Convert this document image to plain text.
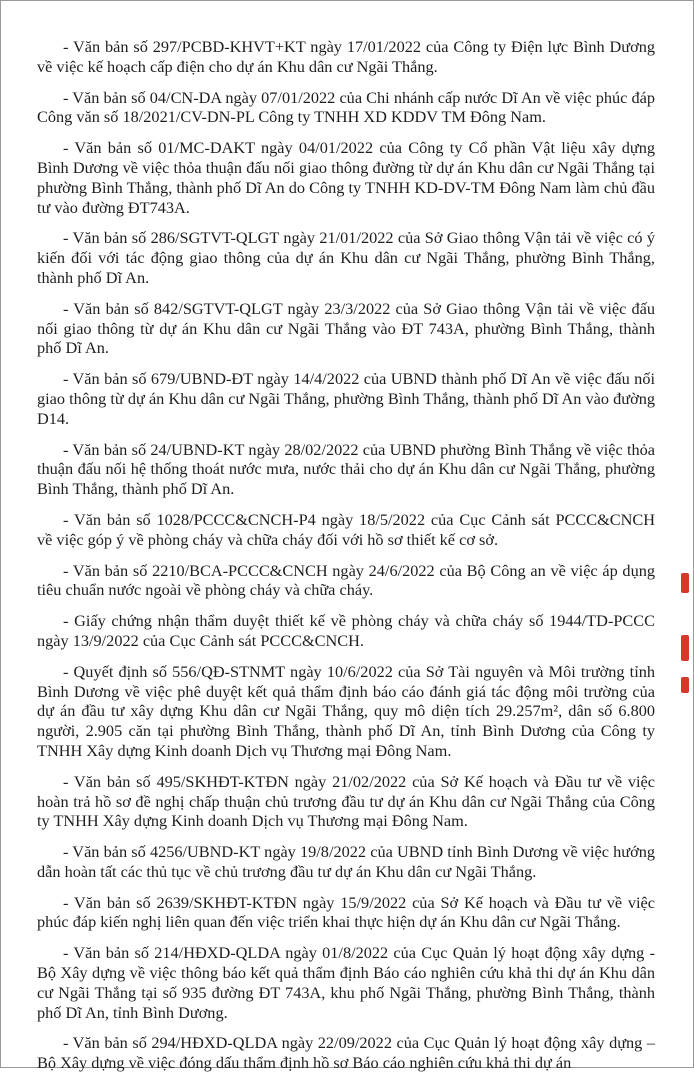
- Văn bản số 297/PCBD-KHVT+KT ngày 17/01/2022 của Công ty Điện lực Bình Dương về việc kế hoạch cấp điện cho dự án Khu dân cư Ngãi Thắng.

- Văn bản số 04/CN-DA ngày 07/01/2022 của Chi nhánh cấp nước Dĩ An về việc phúc đáp Công văn số 18/2021/CV-DN-PL Công ty TNHH XD KDDV TM Đông Nam.

- Văn bản số 01/MC-DAKT ngày 04/01/2022 của Công ty Cổ phần Vật liệu xây dựng Bình Dương về việc thỏa thuận đấu nối giao thông đường từ dự án Khu dân cư Ngãi Thắng tại phường Bình Thắng, thành phố Dĩ An do Công ty TNHH KD-DV-TM Đông Nam làm chủ đầu tư vào đường ĐT743A.

- Văn bản số 286/SGTVT-QLGT ngày 21/01/2022 của Sở Giao thông Vận tải về việc có ý kiến đối với tác động giao thông của dự án Khu dân cư Ngãi Thắng, phường Bình Thắng, thành phố Dĩ An.

- Văn bản số 842/SGTVT-QLGT ngày 23/3/2022 của Sở Giao thông Vận tải về việc đấu nối giao thông từ dự án Khu dân cư Ngãi Thắng vào ĐT 743A, phường Bình Thắng, thành phố Dĩ An.

- Văn bản số 679/UBND-ĐT ngày 14/4/2022 của UBND thành phố Dĩ An về việc đấu nối giao thông từ dự án Khu dân cư Ngãi Thắng, phường Bình Thắng, thành phố Dĩ An vào đường D14.

- Văn bản số 24/UBND-KT ngày 28/02/2022 của UBND phường Bình Thắng về việc thỏa thuận đấu nối hệ thống thoát nước mưa, nước thải cho dự án Khu dân cư Ngãi Thắng, phường Bình Thắng, thành phố Dĩ An.

- Văn bản số 1028/PCCC&CNCH-P4 ngày 18/5/2022 của Cục Cảnh sát PCCC&CNCH về việc góp ý về phòng cháy và chữa cháy đối với hồ sơ thiết kế cơ sở.

- Văn bản số 2210/BCA-PCCC&CNCH ngày 24/6/2022 của Bộ Công an về việc áp dụng tiêu chuẩn nước ngoài về phòng cháy và chữa cháy.

- Giấy chứng nhận thẩm duyệt thiết kế về phòng cháy và chữa cháy số 1944/TD-PCCC ngày 13/9/2022 của Cục Cảnh sát PCCC&CNCH.

- Quyết định số 556/QĐ-STNMT ngày 10/6/2022 của Sở Tài nguyên và Môi trường tỉnh Bình Dương về việc phê duyệt kết quả thẩm định báo cáo đánh giá tác động môi trường của dự án đầu tư xây dựng Khu dân cư Ngãi Thắng, quy mô diện tích 29.257m², dân số 6.800 người, 2.905 căn tại phường Bình Thắng, thành phố Dĩ An, tỉnh Bình Dương của Công ty TNHH Xây dựng Kinh doanh Dịch vụ Thương mại Đông Nam.

- Văn bản số 495/SKHĐT-KTĐN ngày 21/02/2022 của Sở Kế hoạch và Đầu tư về việc hoàn trả hồ sơ đề nghị chấp thuận chủ trương đầu tư dự án Khu dân cư Ngãi Thắng của Công ty TNHH Xây dựng Kinh doanh Dịch vụ Thương mại Đông Nam.

- Văn bản số 4256/UBND-KT ngày 19/8/2022 của UBND tỉnh Bình Dương về việc hướng dẫn hoàn tất các thủ tục về chủ trương đầu tư dự án Khu dân cư Ngãi Thắng.

- Văn bản số 2639/SKHĐT-KTĐN ngày 15/9/2022 của Sở Kế hoạch và Đầu tư về việc phúc đáp kiến nghị liên quan đến việc triển khai thực hiện dự án Khu dân cư Ngãi Thắng.

- Văn bản số 214/HĐXD-QLDA ngày 01/8/2022 của Cục Quản lý hoạt động xây dựng - Bộ Xây dựng về việc thông báo kết quả thẩm định Báo cáo nghiên cứu khả thi dự án Khu dân cư Ngãi Thắng tại số 935 đường ĐT 743A, khu phố Ngãi Thắng, phường Bình Thắng, thành phố Dĩ An, tỉnh Bình Dương.

- Văn bản số 294/HĐXD-QLDA ngày 22/09/2022 của Cục Quản lý hoạt động xây dựng – Bộ Xây dựng về việc đóng dấu thẩm định hồ sơ Báo cáo nghiên cứu khả thi dự án
